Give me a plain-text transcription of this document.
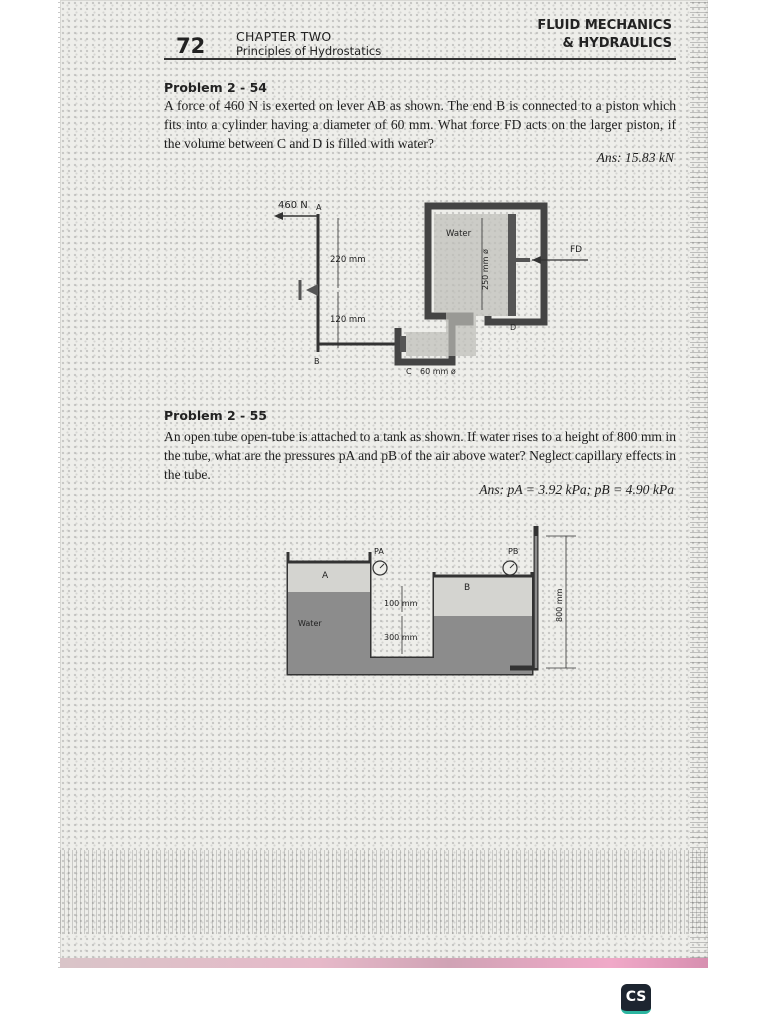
72 CHAPTER TWO
Principles of Hydrostatics
FLUID MECHANICS
& HYDRAULICS
Problem 2 - 54
A force of 460 N is exerted on lever AB as shown. The end B is connected to a piston which fits into a cylinder having a diameter of 60 mm. What force FD acts on the larger piston, if the volume between C and D is filled with water?
Ans: 15.83 kN
460 N A
220 mm
120 mm
B
FD
D
Water
250 mm ø
C 60 mm ø
Problem 2 - 55
An open tube open-tube is attached to a tank as shown. If water rises to a height of 800 mm in the tube, what are the pressures pA and pB of the air above water? Neglect capillary effects in the tube.
Ans: pA = 3.92 kPa; pB = 4.90 kPa
PA	PB
A
B
Water
100 mm
300 mm
800 mm
CS
